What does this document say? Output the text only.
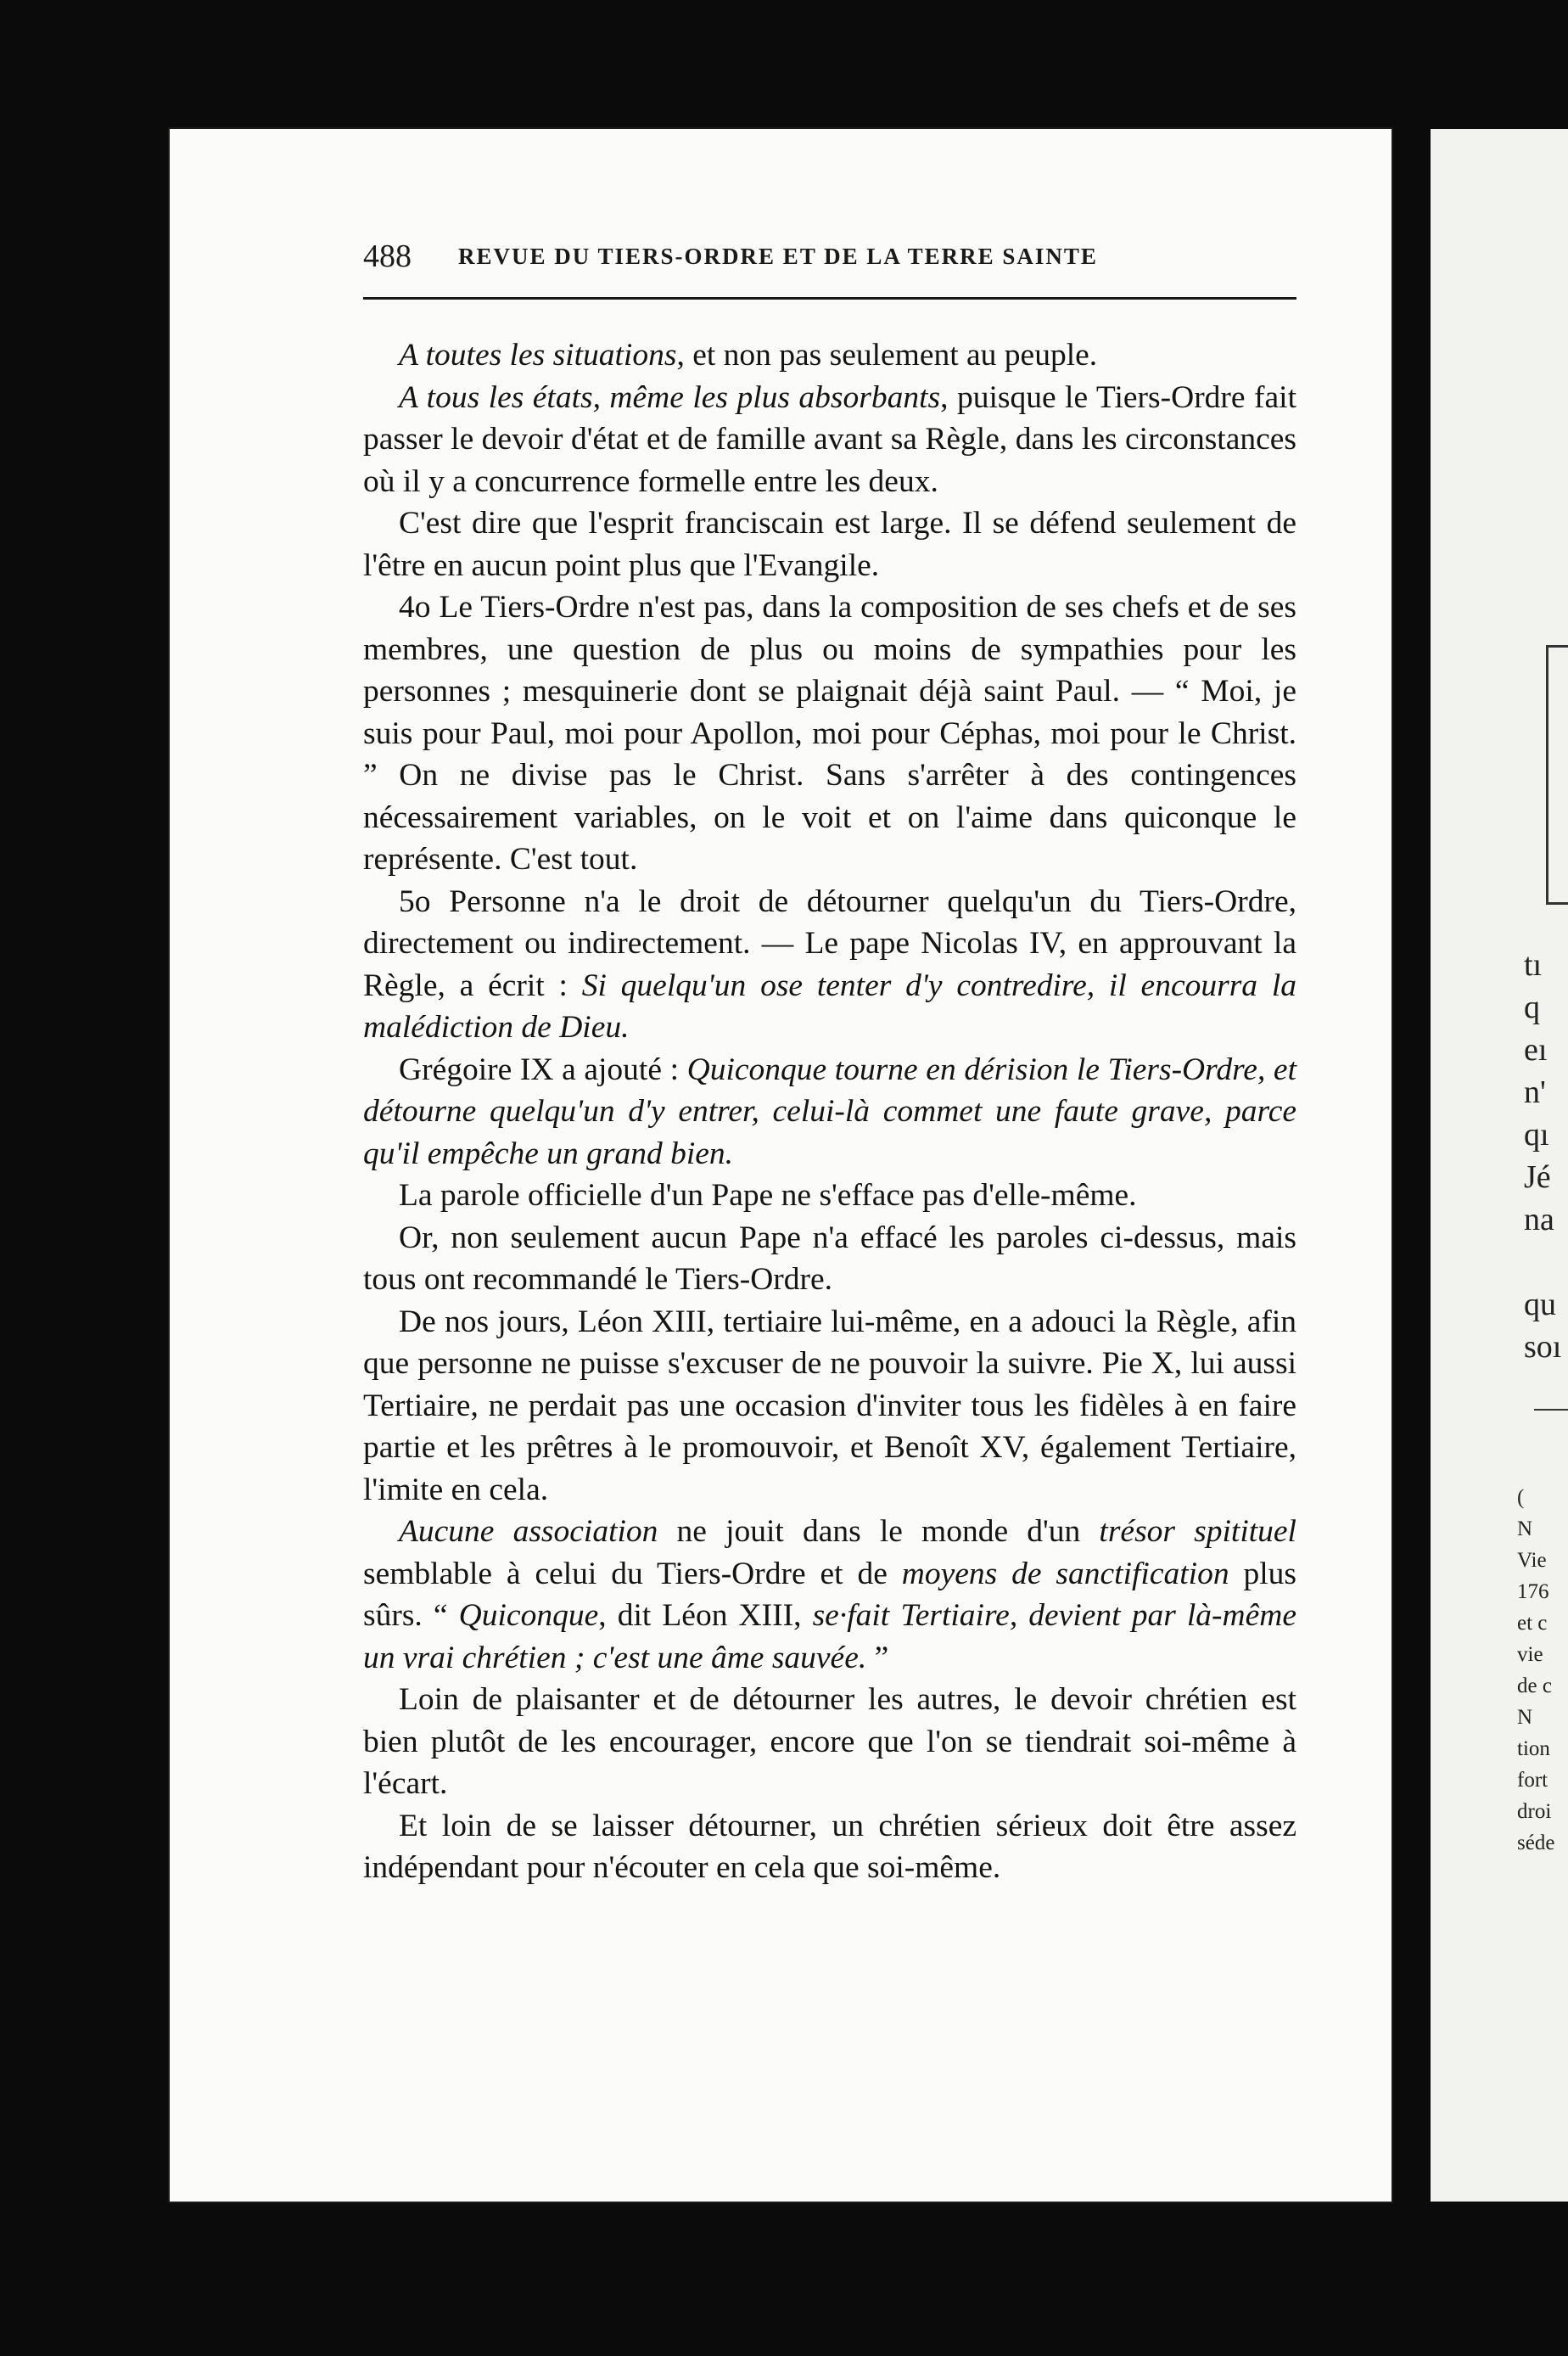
488 REVUE DU TIERS-ORDRE ET DE LA TERRE SAINTE

A toutes les situations, et non pas seulement au peuple.

A tous les états, même les plus absorbants, puisque le Tiers-Ordre fait passer le devoir d'état et de famille avant sa Règle, dans les circonstances où il y a concurrence formelle entre les deux.

C'est dire que l'esprit franciscain est large. Il se défend seulement de l'être en aucun point plus que l'Evangile.

4o Le Tiers-Ordre n'est pas, dans la composition de ses chefs et de ses membres, une question de plus ou moins de sympathies pour les personnes ; mesquinerie dont se plaignait déjà saint Paul. — “ Moi, je suis pour Paul, moi pour Apollon, moi pour Céphas, moi pour le Christ. ” On ne divise pas le Christ. Sans s'arrêter à des contingences nécessairement variables, on le voit et on l'aime dans quiconque le représente. C'est tout.

5o Personne n'a le droit de détourner quelqu'un du Tiers-Ordre, directement ou indirectement. — Le pape Nicolas IV, en approuvant la Règle, a écrit : Si quelqu'un ose tenter d'y contredire, il encourra la malédiction de Dieu.

Grégoire IX a ajouté : Quiconque tourne en dérision le Tiers-Ordre, et détourne quelqu'un d'y entrer, celui-là commet une faute grave, parce qu'il empêche un grand bien.

La parole officielle d'un Pape ne s'efface pas d'elle-même.

Or, non seulement aucun Pape n'a effacé les paroles ci-dessus, mais tous ont recommandé le Tiers-Ordre.

De nos jours, Léon XIII, tertiaire lui-même, en a adouci la Règle, afin que personne ne puisse s'excuser de ne pouvoir la suivre. Pie X, lui aussi Tertiaire, ne perdait pas une occasion d'inviter tous les fidèles à en faire partie et les prêtres à le promouvoir, et Benoît XV, également Tertiaire, l'imite en cela.

Aucune association ne jouit dans le monde d'un trésor spitituel semblable à celui du Tiers-Ordre et de moyens de sanctification plus sûrs. “ Quiconque, dit Léon XIII, se·fait Tertiaire, devient par là-même un vrai chrétien ; c'est une âme sauvée. ”

Loin de plaisanter et de détourner les autres, le devoir chrétien est bien plutôt de les encourager, encore que l'on se tiendrait soi-même à l'écart.

Et loin de se laisser détourner, un chrétien sérieux doit être assez indépendant pour n'écouter en cela que soi-même.

tı
q
eı
n'
qı
Jé
na

qu
soı
(
N
Vie
176
et c
vie
de c
N
tion
fort
droi
séde
